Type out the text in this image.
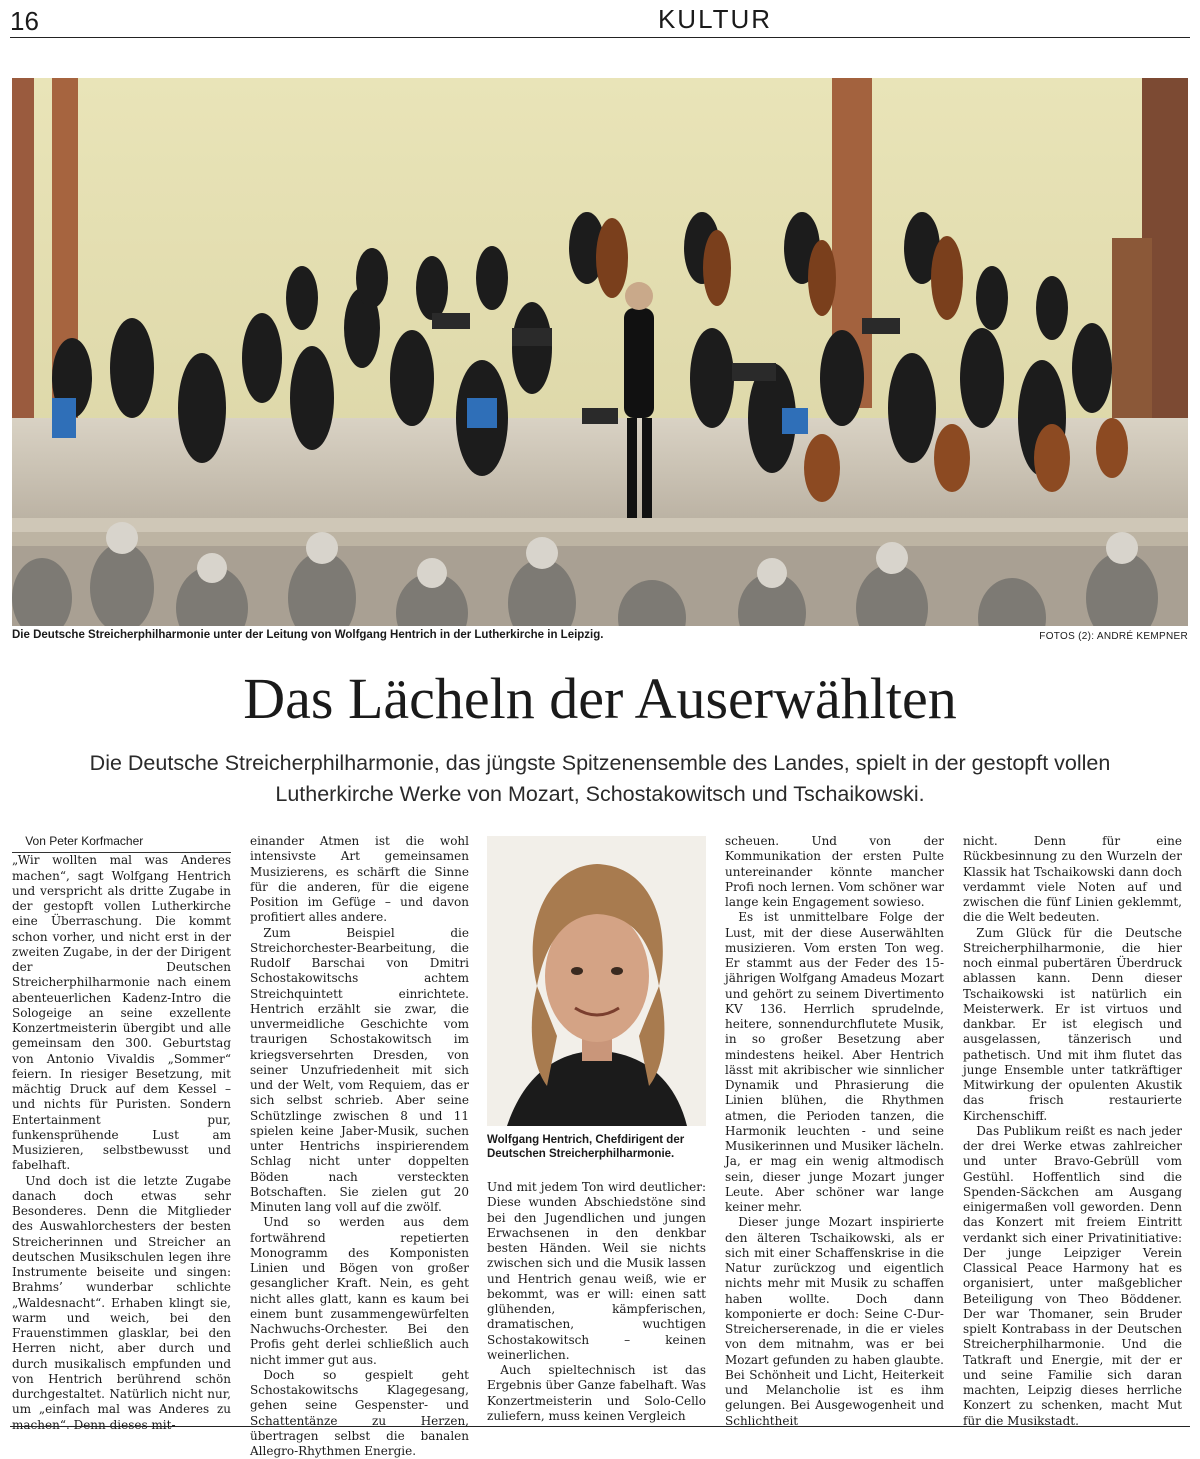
16	KULTUR
Die Deutsche Streicherphilharmonie unter der Leitung von Wolfgang Hentrich in der Lutherkirche in Leipzig.	FOTOS (2): ANDRÉ KEMPNER
Das Lächeln der Auserwählten
Die Deutsche Streicherphilharmonie, das jüngste Spitzenensemble des Landes, spielt in der gestopft vollen Lutherkirche Werke von Mozart, Schostakowitsch und Tschaikowski.

Von Peter Korfmacher

„Wir wollten mal was Anderes machen“, sagt Wolfgang Hentrich und verspricht als dritte Zugabe in der gestopft vollen Lutherkirche eine Überraschung. Die kommt schon vorher, und nicht erst in der zweiten Zugabe, in der der Dirigent der Deutschen Streicherphilharmonie nach einem abenteuerlichen Kadenz-Intro die Sologeige an seine exzellente Konzertmeisterin übergibt und alle gemeinsam den 300. Geburtstag von Antonio Vivaldis „Sommer“ feiern. In riesiger Besetzung, mit mächtig Druck auf dem Kessel – und nichts für Puristen. Sondern Entertainment pur, funkensprühende Lust am Musizieren, selbstbewusst und fabelhaft.

Und doch ist die letzte Zugabe danach doch etwas sehr Besonderes. Denn die Mitglieder des Auswahlorchesters der besten Streicherinnen und Streicher an deutschen Musikschulen legen ihre Instrumente beiseite und singen: Brahms’ wunderbar schlichte „Waldesnacht“. Erhaben klingt sie, warm und weich, bei den Frauenstimmen glasklar, bei den Herren nicht, aber durch und durch musikalisch empfunden und von Hentrich berührend schön durchgestaltet. Natürlich nicht nur, um „einfach mal was Anderes zu machen“. Denn dieses mit-

einander Atmen ist die wohl intensivste Art gemeinsamen Musizierens, es schärft die Sinne für die anderen, für die eigene Position im Gefüge – und davon profitiert alles andere.

Zum Beispiel die Streichorchester-Bearbeitung, die Rudolf Barschai von Dmitri Schostakowitschs achtem Streichquintett einrichtete. Hentrich erzählt sie zwar, die unvermeidliche Geschichte vom traurigen Schostakowitsch im kriegsversehrten Dresden, von seiner Unzufriedenheit mit sich und der Welt, vom Requiem, das er sich selbst schrieb. Aber seine Schützlinge zwischen 8 und 11 spielen keine Jaber-Musik, suchen unter Hentrichs inspirierendem Schlag nicht unter doppelten Böden nach versteckten Botschaften. Sie zielen gut 20 Minuten lang voll auf die zwölf.

Und so werden aus dem fortwährend repetierten Monogramm des Komponisten Linien und Bögen von großer gesanglicher Kraft. Nein, es geht nicht alles glatt, kann es kaum bei einem bunt zusammengewürfelten Nachwuchs-Orchester. Bei den Profis geht derlei schließlich auch nicht immer gut aus.

Doch so gespielt geht Schostakowitschs Klagegesang, gehen seine Gespenster- und Schattentänze zu Herzen, übertragen selbst die banalen Allegro-Rhythmen Energie.

Wolfgang Hentrich, Chefdirigent der Deutschen Streicherphilharmonie.

Und mit jedem Ton wird deutlicher: Diese wunden Abschiedstöne sind bei den Jugendlichen und jungen Erwachsenen in den denkbar besten Händen. Weil sie nichts zwischen sich und die Musik lassen und Hentrich genau weiß, wie er bekommt, was er will: einen satt glühenden, kämpferischen, dramatischen, wuchtigen Schostakowitsch – keinen weinerlichen.

Auch spieltechnisch ist das Ergebnis über Ganze fabelhaft. Was Konzertmeisterin und Solo-Cello zuliefern, muss keinen Vergleich

scheuen. Und von der Kommunikation der ersten Pulte untereinander könnte mancher Profi noch lernen. Vom schöner war lange kein Engagement sowieso.

Es ist unmittelbare Folge der Lust, mit der diese Auserwählten musizieren. Vom ersten Ton weg. Er stammt aus der Feder des 15-jährigen Wolfgang Amadeus Mozart und gehört zu seinem Divertimento KV 136. Herrlich sprudelnde, heitere, sonnendurchflutete Musik, in so großer Besetzung aber mindestens heikel. Aber Hentrich lässt mit akribischer wie sinnlicher Dynamik und Phrasierung die Linien blühen, die Rhythmen atmen, die Perioden tanzen, die Harmonik leuchten - und seine Musikerinnen und Musiker lächeln. Ja, er mag ein wenig altmodisch sein, dieser junge Mozart junger Leute. Aber schöner war lange keiner mehr.

Dieser junge Mozart inspirierte den älteren Tschaikowski, als er sich mit einer Schaffenskrise in die Natur zurückzog und eigentlich nichts mehr mit Musik zu schaffen haben wollte. Doch dann komponierte er doch: Seine C-Dur-Streicherserenade, in die er vieles von dem mitnahm, was er bei Mozart gefunden zu haben glaubte. Bei Schönheit und Licht, Heiterkeit und Melancholie ist es ihm gelungen. Bei Ausgewogenheit und Schlichtheit

nicht. Denn für eine Rückbesinnung zu den Wurzeln der Klassik hat Tschaikowski dann doch verdammt viele Noten auf und zwischen die fünf Linien geklemmt, die die Welt bedeuten.

Zum Glück für die Deutsche Streicherphilharmonie, die hier noch einmal pubertären Überdruck ablassen kann. Denn dieser Tschaikowski ist natürlich ein Meisterwerk. Er ist virtuos und dankbar. Er ist elegisch und ausgelassen, tänzerisch und pathetisch. Und mit ihm flutet das junge Ensemble unter tatkräftiger Mitwirkung der opulenten Akustik das frisch restaurierte Kirchenschiff.

Das Publikum reißt es nach jeder der drei Werke etwas zahlreicher und unter Bravo-Gebrüll vom Gestühl. Hoffentlich sind die Spenden-Säckchen am Ausgang einigermaßen voll geworden. Denn das Konzert mit freiem Eintritt verdankt sich einer Privatinitiative: Der junge Leipziger Verein Classical Peace Harmony hat es organisiert, unter maßgeblicher Beteiligung von Theo Böddener. Der war Thomaner, sein Bruder spielt Kontrabass in der Deutschen Streicherphilharmonie. Und die Tatkraft und Energie, mit der er und seine Familie sich daran machten, Leipzig dieses herrliche Konzert zu schenken, macht Mut für die Musikstadt.
